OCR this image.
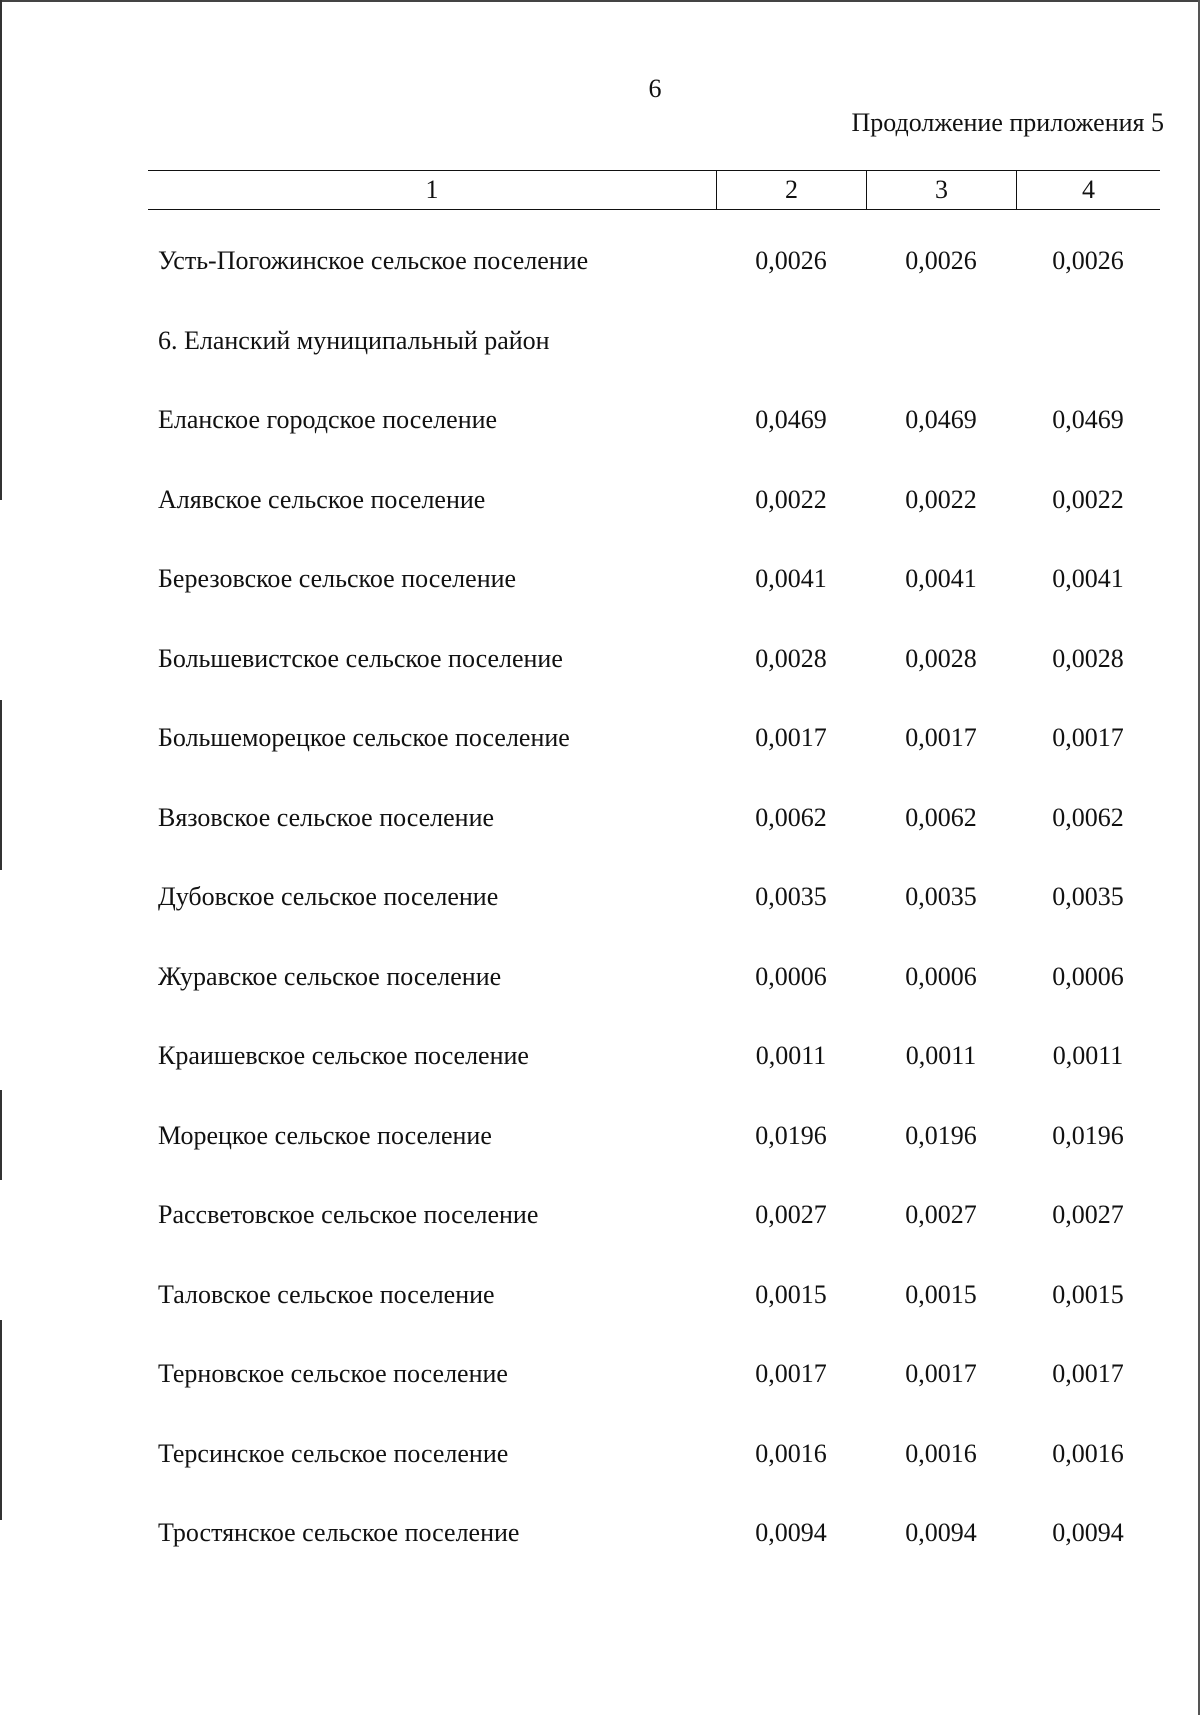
6
Продолжение приложения 5
1	2	3	4
Усть-Погожинское сельское поселение	0,0026	0,0026	0,0026
6. Еланский муниципальный район
Еланское городское поселение	0,0469	0,0469	0,0469
Алявское сельское поселение	0,0022	0,0022	0,0022
Березовское сельское поселение	0,0041	0,0041	0,0041
Большевистское сельское поселение	0,0028	0,0028	0,0028
Большеморецкое сельское поселение	0,0017	0,0017	0,0017
Вязовское сельское поселение	0,0062	0,0062	0,0062
Дубовское сельское поселение	0,0035	0,0035	0,0035
Журавское сельское поселение	0,0006	0,0006	0,0006
Краишевское сельское поселение	0,0011	0,0011	0,0011
Морецкое сельское поселение	0,0196	0,0196	0,0196
Рассветовское сельское поселение	0,0027	0,0027	0,0027
Таловское сельское поселение	0,0015	0,0015	0,0015
Терновское сельское поселение	0,0017	0,0017	0,0017
Терсинское сельское поселение	0,0016	0,0016	0,0016
Тростянское сельское поселение	0,0094	0,0094	0,0094
